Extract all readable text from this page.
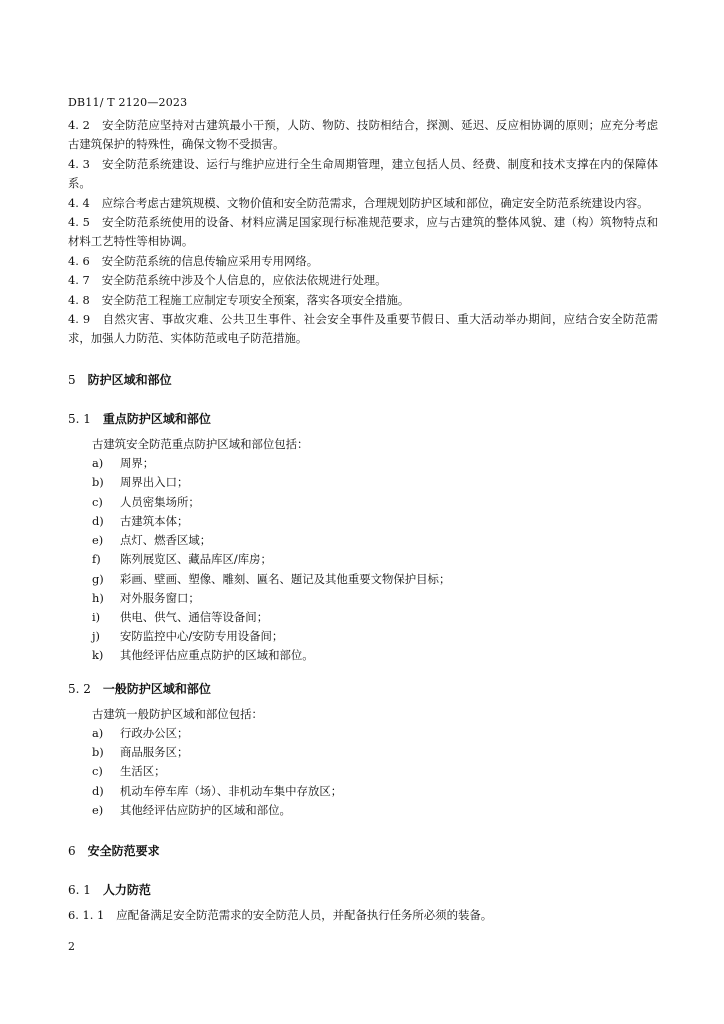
DB11/ T 2120—2023

4. 2 安全防范应坚持对古建筑最小干预，人防、物防、技防相结合，探测、延迟、反应相协调的原则；应充分考虑古建筑保护的特殊性，确保文物不受损害。

4. 3 安全防范系统建设、运行与维护应进行全生命周期管理，建立包括人员、经费、制度和技术支撑在内的保障体系。

4. 4 应综合考虑古建筑规模、文物价值和安全防范需求，合理规划防护区域和部位，确定安全防范系统建设内容。

4. 5 安全防范系统使用的设备、材料应满足国家现行标准规范要求，应与古建筑的整体风貌、建（构）筑物特点和材料工艺特性等相协调。

4. 6 安全防范系统的信息传输应采用专用网络。

4. 7 安全防范系统中涉及个人信息的，应依法依规进行处理。

4. 8 安全防范工程施工应制定专项安全预案，落实各项安全措施。

4. 9 自然灾害、事故灾难、公共卫生事件、社会安全事件及重要节假日、重大活动举办期间，应结合安全防范需求，加强人力防范、实体防范或电子防范措施。

5 防护区域和部位

5. 1 重点防护区域和部位

古建筑安全防范重点防护区域和部位包括：

a)	周界；
b)	周界出入口；
c)	人员密集场所；
d)	古建筑本体；
e)	点灯、燃香区域；
f)	陈列展览区、藏品库区/库房；
g)	彩画、壁画、塑像、雕刻、匾名、题记及其他重要文物保护目标；
h)	对外服务窗口；
i)	供电、供气、通信等设备间；
j)	安防监控中心/安防专用设备间；
k)	其他经评估应重点防护的区域和部位。

5. 2 一般防护区域和部位

古建筑一般防护区域和部位包括：

a)	行政办公区；
b)	商品服务区；
c)	生活区；
d)	机动车停车库（场）、非机动车集中存放区；
e)	其他经评估应防护的区域和部位。

6 安全防范要求

6. 1 人力防范

6. 1. 1 应配备满足安全防范需求的安全防范人员，并配备执行任务所必须的装备。

2
